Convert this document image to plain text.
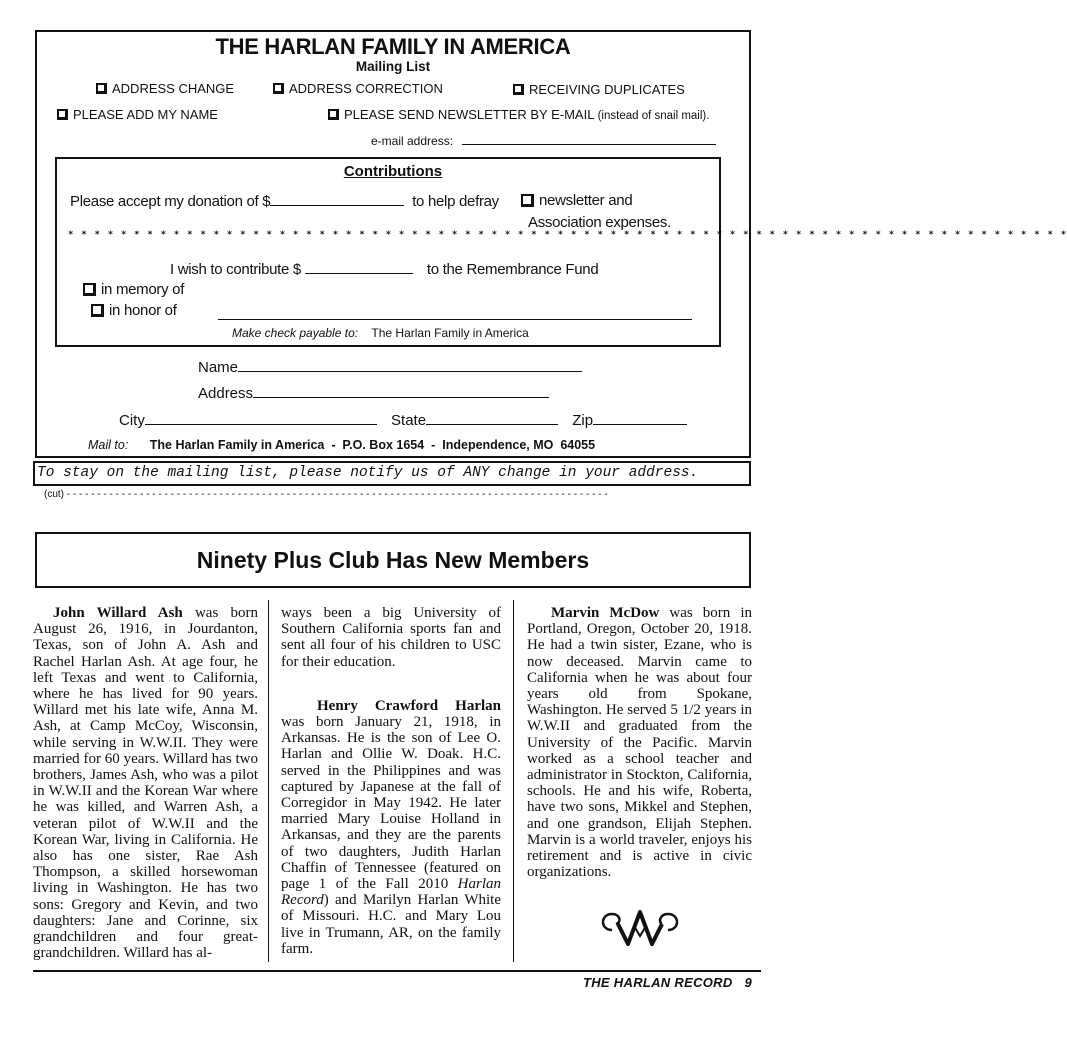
THE HARLAN FAMILY IN AMERICA
Mailing List
ADDRESS CHANGE	ADDRESS CORRECTION	RECEIVING DUPLICATES
PLEASE ADD MY NAME	PLEASE SEND NEWSLETTER BY E-MAIL (instead of snail mail).
e-mail address:
Contributions
Please accept my donation of $	to help defray	newsletter and
Association expenses.
* * * * * * * * * * * * * * * * * * * * * * * * * * * * * * * * * * * * * * * * * * * * * * * * * * * * * * * * * * * * * * * * * * * * * * * * * * * *
I wish to contribute $	to the Remembrance Fund
in memory of
in honor of
Make check payable to: The Harlan Family in America
Name
Address
City	State	Zip
Mail to: The Harlan Family in America  -  P.O. Box 1654  -  Independence, MO  64055
To stay on the mailing list, please notify us of ANY change in your address.
(cut) - - - - - - - - - - - - - - - - - - - - - - - - - - - - - - - - - - - - - - - - - - - - - - - - - - - - - - - - - - - - - - - - - - - - - - - - - - - - - - - - - - - - - - - - -
Ninety Plus Club Has New Members

John Willard Ash was born August 26, 1916, in Jourdanton, Texas, son of John A. Ash and Rachel Harlan Ash. At age four, he left Texas and went to California, where he has lived for 90 years. Willard met his late wife, Anna M. Ash, at Camp McCoy, Wisconsin, while serving in W.W.II. They were married for 60 years. Willard has two brothers, James Ash, who was a pilot in W.W.II and the Korean War where he was killed, and Warren Ash, a veteran pilot of W.W.II and the Korean War, living in California. He also has one sister, Rae Ash Thompson, a skilled horsewoman living in Washington. He has two sons: Gregory and Kevin, and two daughters: Jane and Corinne, six grandchildren and four great-grandchildren. Willard has al-

ways been a big University of Southern California sports fan and sent all four of his children to USC for their education.

Henry Crawford Harlan was born January 21, 1918, in Arkansas. He is the son of Lee O. Harlan and Ollie W. Doak. H.C. served in the Philippines and was captured by Japanese at the fall of Corregidor in May 1942. He later married Mary Louise Holland in Arkansas, and they are the parents of two daughters, Judith Harlan Chaffin of Tennessee (featured on page 1 of the Fall 2010 Harlan Record) and Marilyn Harlan White of Missouri. H.C. and Mary Lou live in Trumann, AR, on the family farm.

Marvin McDow was born in Portland, Oregon, October 20, 1918. He had a twin sister, Ezane, who is now deceased. Marvin came to California when he was about four years old from Spokane, Washington. He served 5 1/2 years in W.W.II and graduated from the University of the Pacific. Marvin worked as a school teacher and administrator in Stockton, California, schools. He and his wife, Roberta, have two sons, Mikkel and Stephen, and one grandson, Elijah Stephen. Marvin is a world traveler, enjoys his retirement and is active in civic organizations.

THE HARLAN RECORD 9
